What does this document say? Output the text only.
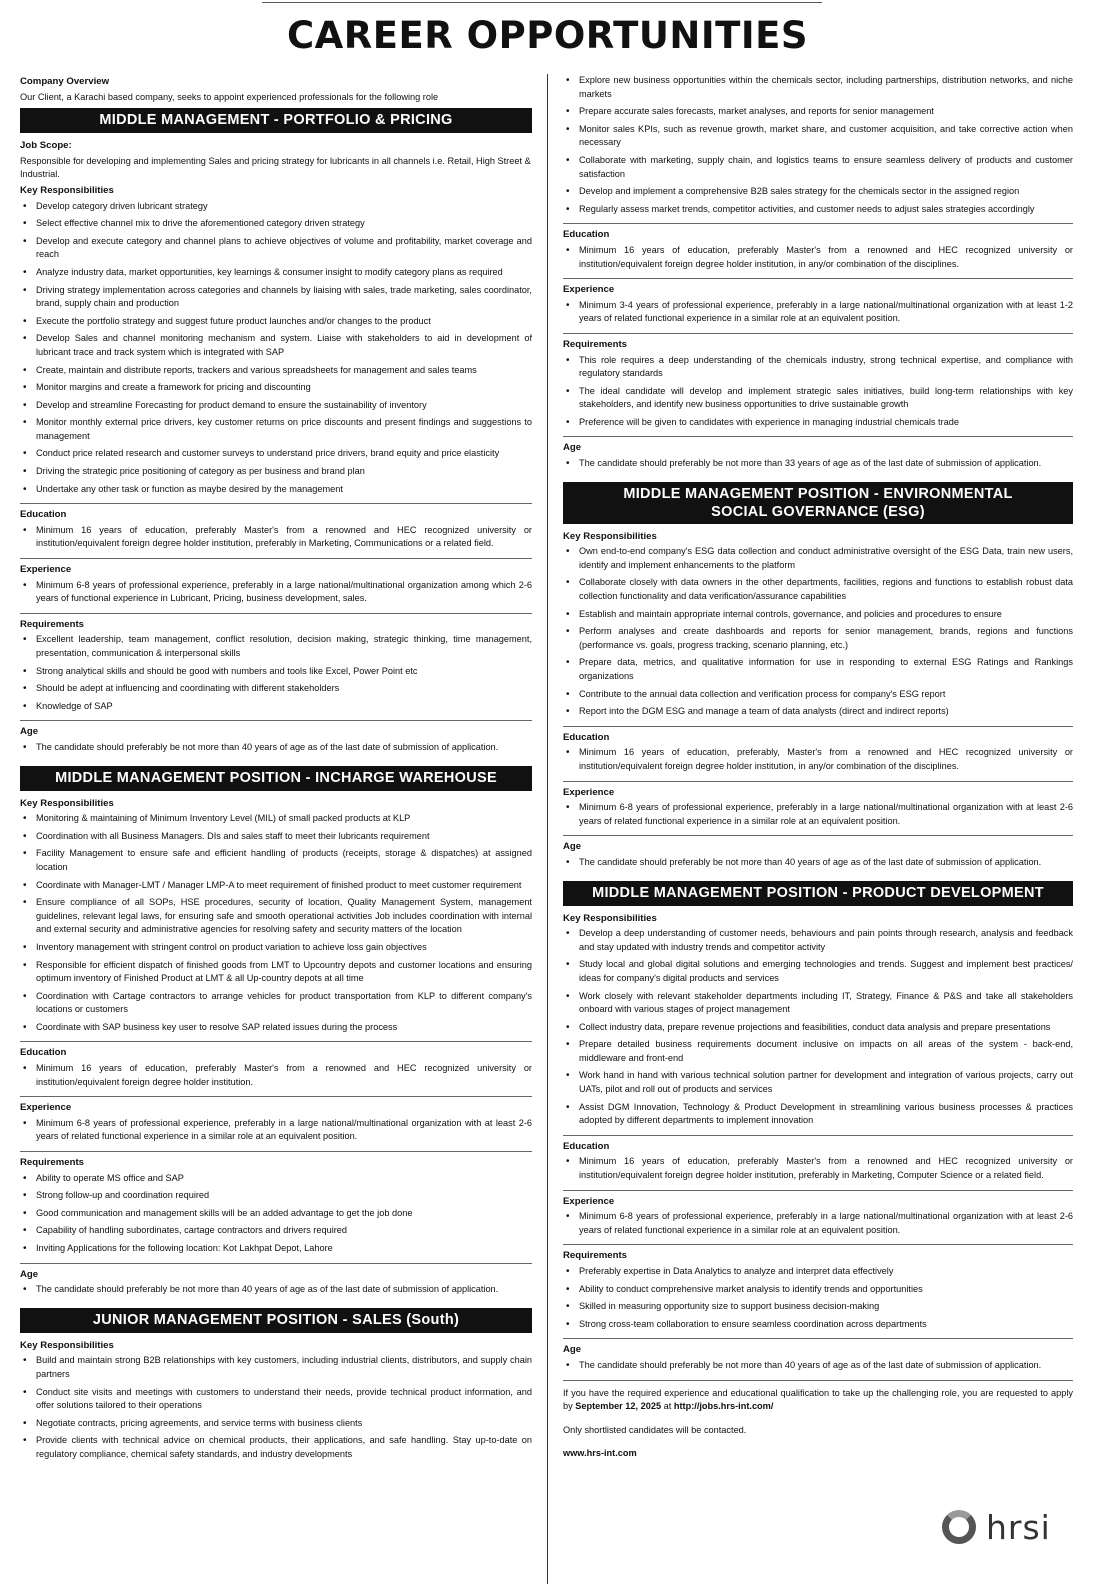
CAREER OPPORTUNITIES
Company Overview
Our Client, a Karachi based company, seeks to appoint experienced professionals for the following role
MIDDLE MANAGEMENT - PORTFOLIO & PRICING
Job Scope:
Responsible for developing and implementing Sales and pricing strategy for lubricants in all channels i.e. Retail, High Street & Industrial.
Key Responsibilities
• Develop category driven lubricant strategy
• Select effective channel mix to drive the aforementioned category driven strategy
• Develop and execute category and channel plans to achieve objectives of volume and profitability, market coverage and reach
• Analyze industry data, market opportunities, key learnings & consumer insight to modify category plans as required
• Driving strategy implementation across categories and channels by liaising with sales, trade marketing, sales coordinator, brand, supply chain and production
• Execute the portfolio strategy and suggest future product launches and/or changes to the product
• Develop Sales and channel monitoring mechanism and system. Liaise with stakeholders to aid in development of lubricant trace and track system which is integrated with SAP
• Create, maintain and distribute reports, trackers and various spreadsheets for management and sales teams
• Monitor margins and create a framework for pricing and discounting
• Develop and streamline Forecasting for product demand to ensure the sustainability of inventory
• Monitor monthly external price drivers, key customer returns on price discounts and present findings and suggestions to management
• Conduct price related research and customer surveys to understand price drivers, brand equity and price elasticity
• Driving the strategic price positioning of category as per business and brand plan
• Undertake any other task or function as maybe desired by the management
Education
• Minimum 16 years of education, preferably Master's from a renowned and HEC recognized university or institution/equivalent foreign degree holder institution, preferably in Marketing, Communications or a related field.
Experience
• Minimum 6-8 years of professional experience, preferably in a large national/multinational organization among which 2-6 years of functional experience in Lubricant, Pricing, business development, sales.
Requirements
• Excellent leadership, team management, conflict resolution, decision making, strategic thinking, time management, presentation, communication & interpersonal skills
• Strong analytical skills and should be good with numbers and tools like Excel, Power Point etc
• Should be adept at influencing and coordinating with different stakeholders
• Knowledge of SAP
Age
• The candidate should preferably be not more than 40 years of age as of the last date of submission of application.
MIDDLE MANAGEMENT POSITION - INCHARGE WAREHOUSE
Key Responsibilities
• Monitoring & maintaining of Minimum Inventory Level (MIL) of small packed products at KLP
• Coordination with all Business Managers. DIs and sales staff to meet their lubricants requirement
• Facility Management to ensure safe and efficient handling of products (receipts, storage & dispatches) at assigned location
• Coordinate with Manager-LMT / Manager LMP-A to meet requirement of finished product to meet customer requirement
• Ensure compliance of all SOPs, HSE procedures, security of location, Quality Management System, management guidelines, relevant legal laws, for ensuring safe and smooth operational activities Job includes coordination with internal and external security and administrative agencies for resolving safety and security matters of the location
• Inventory management with stringent control on product variation to achieve loss gain objectives
• Responsible for efficient dispatch of finished goods from LMT to Upcountry depots and customer locations and ensuring optimum inventory of Finished Product at LMT & all Up-country depots at all time
• Coordination with Cartage contractors to arrange vehicles for product transportation from KLP to different company's locations or customers
• Coordinate with SAP business key user to resolve SAP related issues during the process
Education
• Minimum 16 years of education, preferably Master's from a renowned and HEC recognized university or institution/equivalent foreign degree holder institution.
Experience
• Minimum 6-8 years of professional experience, preferably in a large national/multinational organization with at least 2-6 years of related functional experience in a similar role at an equivalent position.
Requirements
• Ability to operate MS office and SAP
• Strong follow-up and coordination required
• Good communication and management skills will be an added advantage to get the job done
• Capability of handling subordinates, cartage contractors and drivers required
• Inviting Applications for the following location: Kot Lakhpat Depot, Lahore
Age
• The candidate should preferably be not more than 40 years of age as of the last date of submission of application.
JUNIOR MANAGEMENT POSITION - SALES (South)
Key Responsibilities
• Build and maintain strong B2B relationships with key customers, including industrial clients, distributors, and supply chain partners
• Conduct site visits and meetings with customers to understand their needs, provide technical product information, and offer solutions tailored to their operations
• Negotiate contracts, pricing agreements, and service terms with business clients
• Provide clients with technical advice on chemical products, their applications, and safe handling. Stay up-to-date on regulatory compliance, chemical safety standards, and industry developments
• Explore new business opportunities within the chemicals sector, including partnerships, distribution networks, and niche markets
• Prepare accurate sales forecasts, market analyses, and reports for senior management
• Monitor sales KPIs, such as revenue growth, market share, and customer acquisition, and take corrective action when necessary
• Collaborate with marketing, supply chain, and logistics teams to ensure seamless delivery of products and customer satisfaction
• Develop and implement a comprehensive B2B sales strategy for the chemicals sector in the assigned region
• Regularly assess market trends, competitor activities, and customer needs to adjust sales strategies accordingly
Education
• Minimum 16 years of education, preferably Master's from a renowned and HEC recognized university or institution/equivalent foreign degree holder institution, in any/or combination of the disciplines.
Experience
• Minimum 3-4 years of professional experience, preferably in a large national/multinational organization with at least 1-2 years of related functional experience in a similar role at an equivalent position.
Requirements
• This role requires a deep understanding of the chemicals industry, strong technical expertise, and compliance with regulatory standards
• The ideal candidate will develop and implement strategic sales initiatives, build long-term relationships with key stakeholders, and identify new business opportunities to drive sustainable growth
• Preference will be given to candidates with experience in managing industrial chemicals trade
Age
• The candidate should preferably be not more than 33 years of age as of the last date of submission of application.
MIDDLE MANAGEMENT POSITION - ENVIRONMENTAL
SOCIAL GOVERNANCE (ESG)
Key Responsibilities
• Own end-to-end company's ESG data collection and conduct administrative oversight of the ESG Data, train new users, identify and implement enhancements to the platform
• Collaborate closely with data owners in the other departments, facilities, regions and functions to establish robust data collection functionality and data verification/assurance capabilities
• Establish and maintain appropriate internal controls, governance, and policies and procedures to ensure
• Perform analyses and create dashboards and reports for senior management, brands, regions and functions (performance vs. goals, progress tracking, scenario planning, etc.)
• Prepare data, metrics, and qualitative information for use in responding to external ESG Ratings and Rankings organizations
• Contribute to the annual data collection and verification process for company's ESG report
• Report into the DGM ESG and manage a team of data analysts (direct and indirect reports)
Education
• Minimum 16 years of education, preferably, Master's from a renowned and HEC recognized university or institution/equivalent foreign degree holder institution, in any/or combination of the disciplines.
Experience
• Minimum 6-8 years of professional experience, preferably in a large national/multinational organization with at least 2-6 years of related functional experience in a similar role at an equivalent position.
Age
• The candidate should preferably be not more than 40 years of age as of the last date of submission of application.
MIDDLE MANAGEMENT POSITION - PRODUCT DEVELOPMENT
Key Responsibilities
• Develop a deep understanding of customer needs, behaviours and pain points through research, analysis and feedback and stay updated with industry trends and competitor activity
• Study local and global digital solutions and emerging technologies and trends. Suggest and implement best practices/ ideas for company's digital products and services
• Work closely with relevant stakeholder departments including IT, Strategy, Finance & P&S and take all stakeholders onboard with various stages of project management
• Collect industry data, prepare revenue projections and feasibilities, conduct data analysis and prepare presentations
• Prepare detailed business requirements document inclusive on impacts on all areas of the system - back-end, middleware and front-end
• Work hand in hand with various technical solution partner for development and integration of various projects, carry out UATs, pilot and roll out of products and services
• Assist DGM Innovation, Technology & Product Development in streamlining various business processes & practices adopted by different departments to implement innovation
Education
• Minimum 16 years of education, preferably Master's from a renowned and HEC recognized university or institution/equivalent foreign degree holder institution, preferably in Marketing, Computer Science or a related field.
Experience
• Minimum 6-8 years of professional experience, preferably in a large national/multinational organization with at least 2-6 years of related functional experience in a similar role at an equivalent position.
Requirements
• Preferably expertise in Data Analytics to analyze and interpret data effectively
• Ability to conduct comprehensive market analysis to identify trends and opportunities
• Skilled in measuring opportunity size to support business decision-making
• Strong cross-team collaboration to ensure seamless coordination across departments
Age
• The candidate should preferably be not more than 40 years of age as of the last date of submission of application.
If you have the required experience and educational qualification to take up the challenging role, you are requested to apply by September 12, 2025 at http://jobs.hrs-int.com/
Only shortlisted candidates will be contacted.
www.hrs-int.com
hrsi
